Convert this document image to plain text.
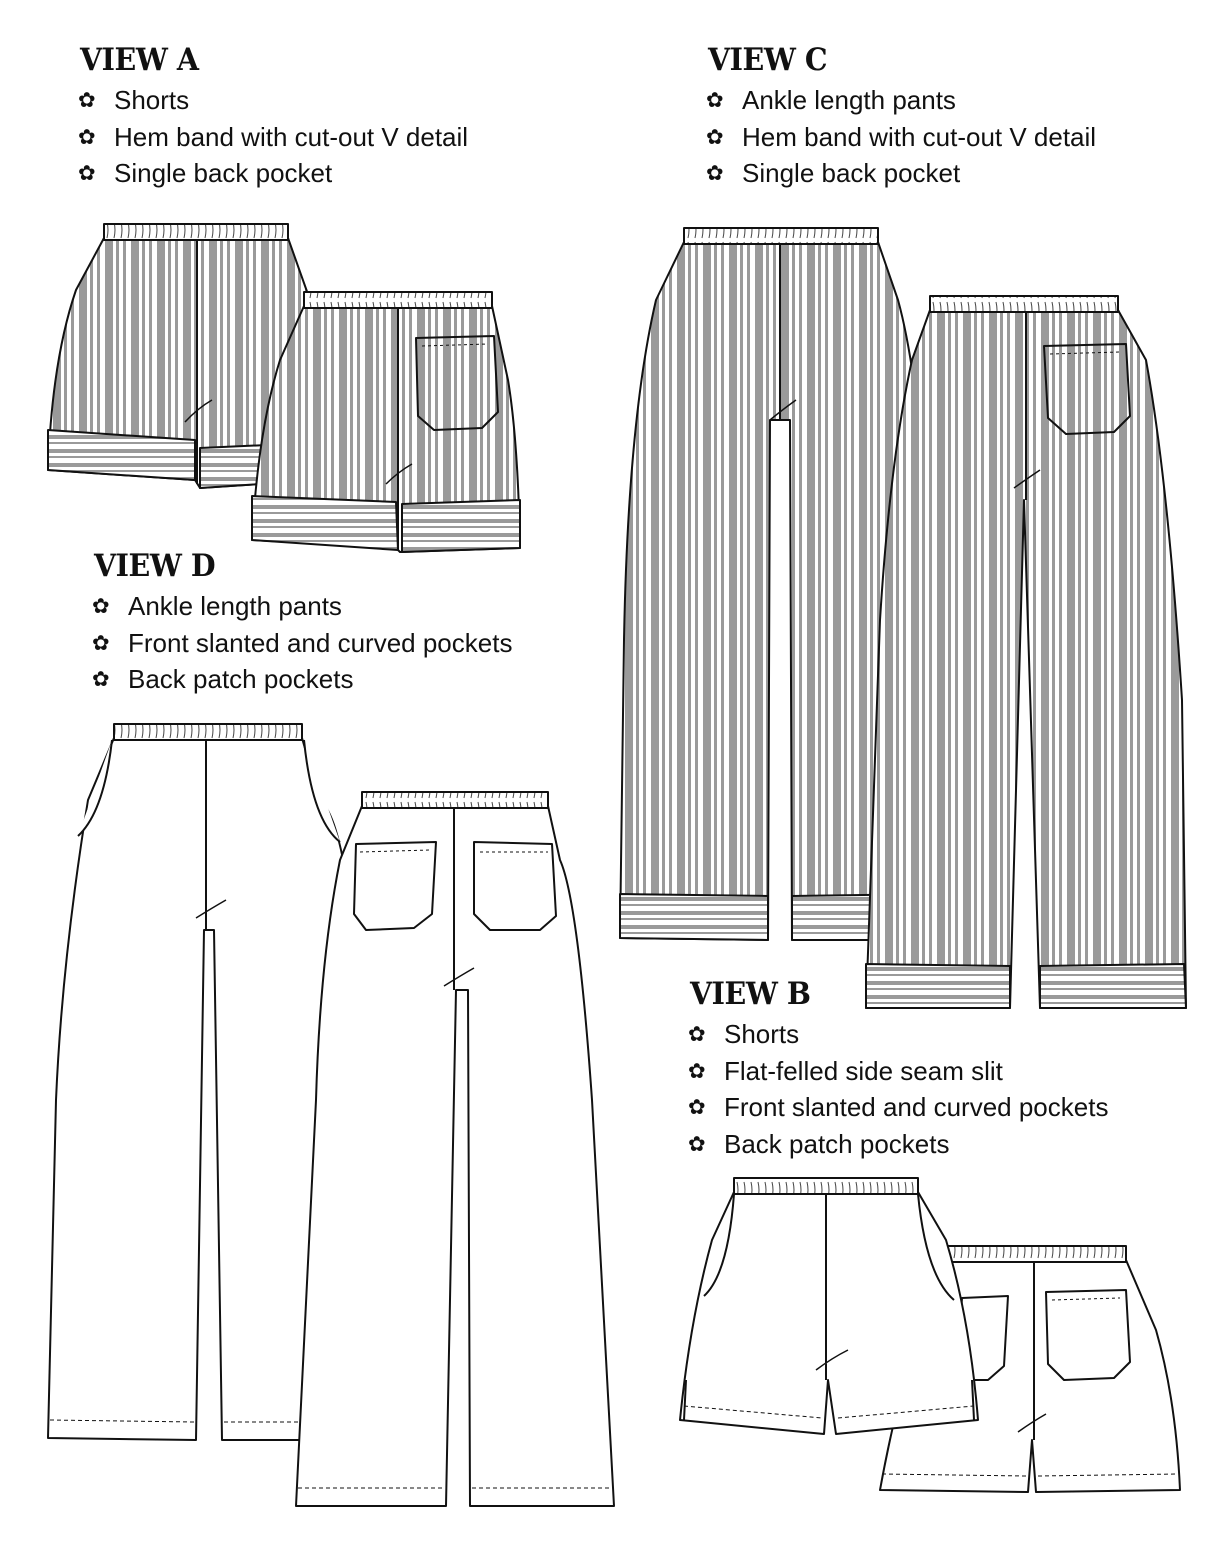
VIEW A
✿ Shorts
✿ Hem band with cut-out V detail
✿ Single back pocket
VIEW C
✿ Ankle length pants
✿ Hem band with cut-out V detail
✿ Single back pocket
VIEW D
✿ Ankle length pants
✿ Front slanted and curved pockets
✿ Back patch pockets
VIEW B
✿ Shorts
✿ Flat-felled side seam slit
✿ Front slanted and curved pockets
✿ Back patch pockets
